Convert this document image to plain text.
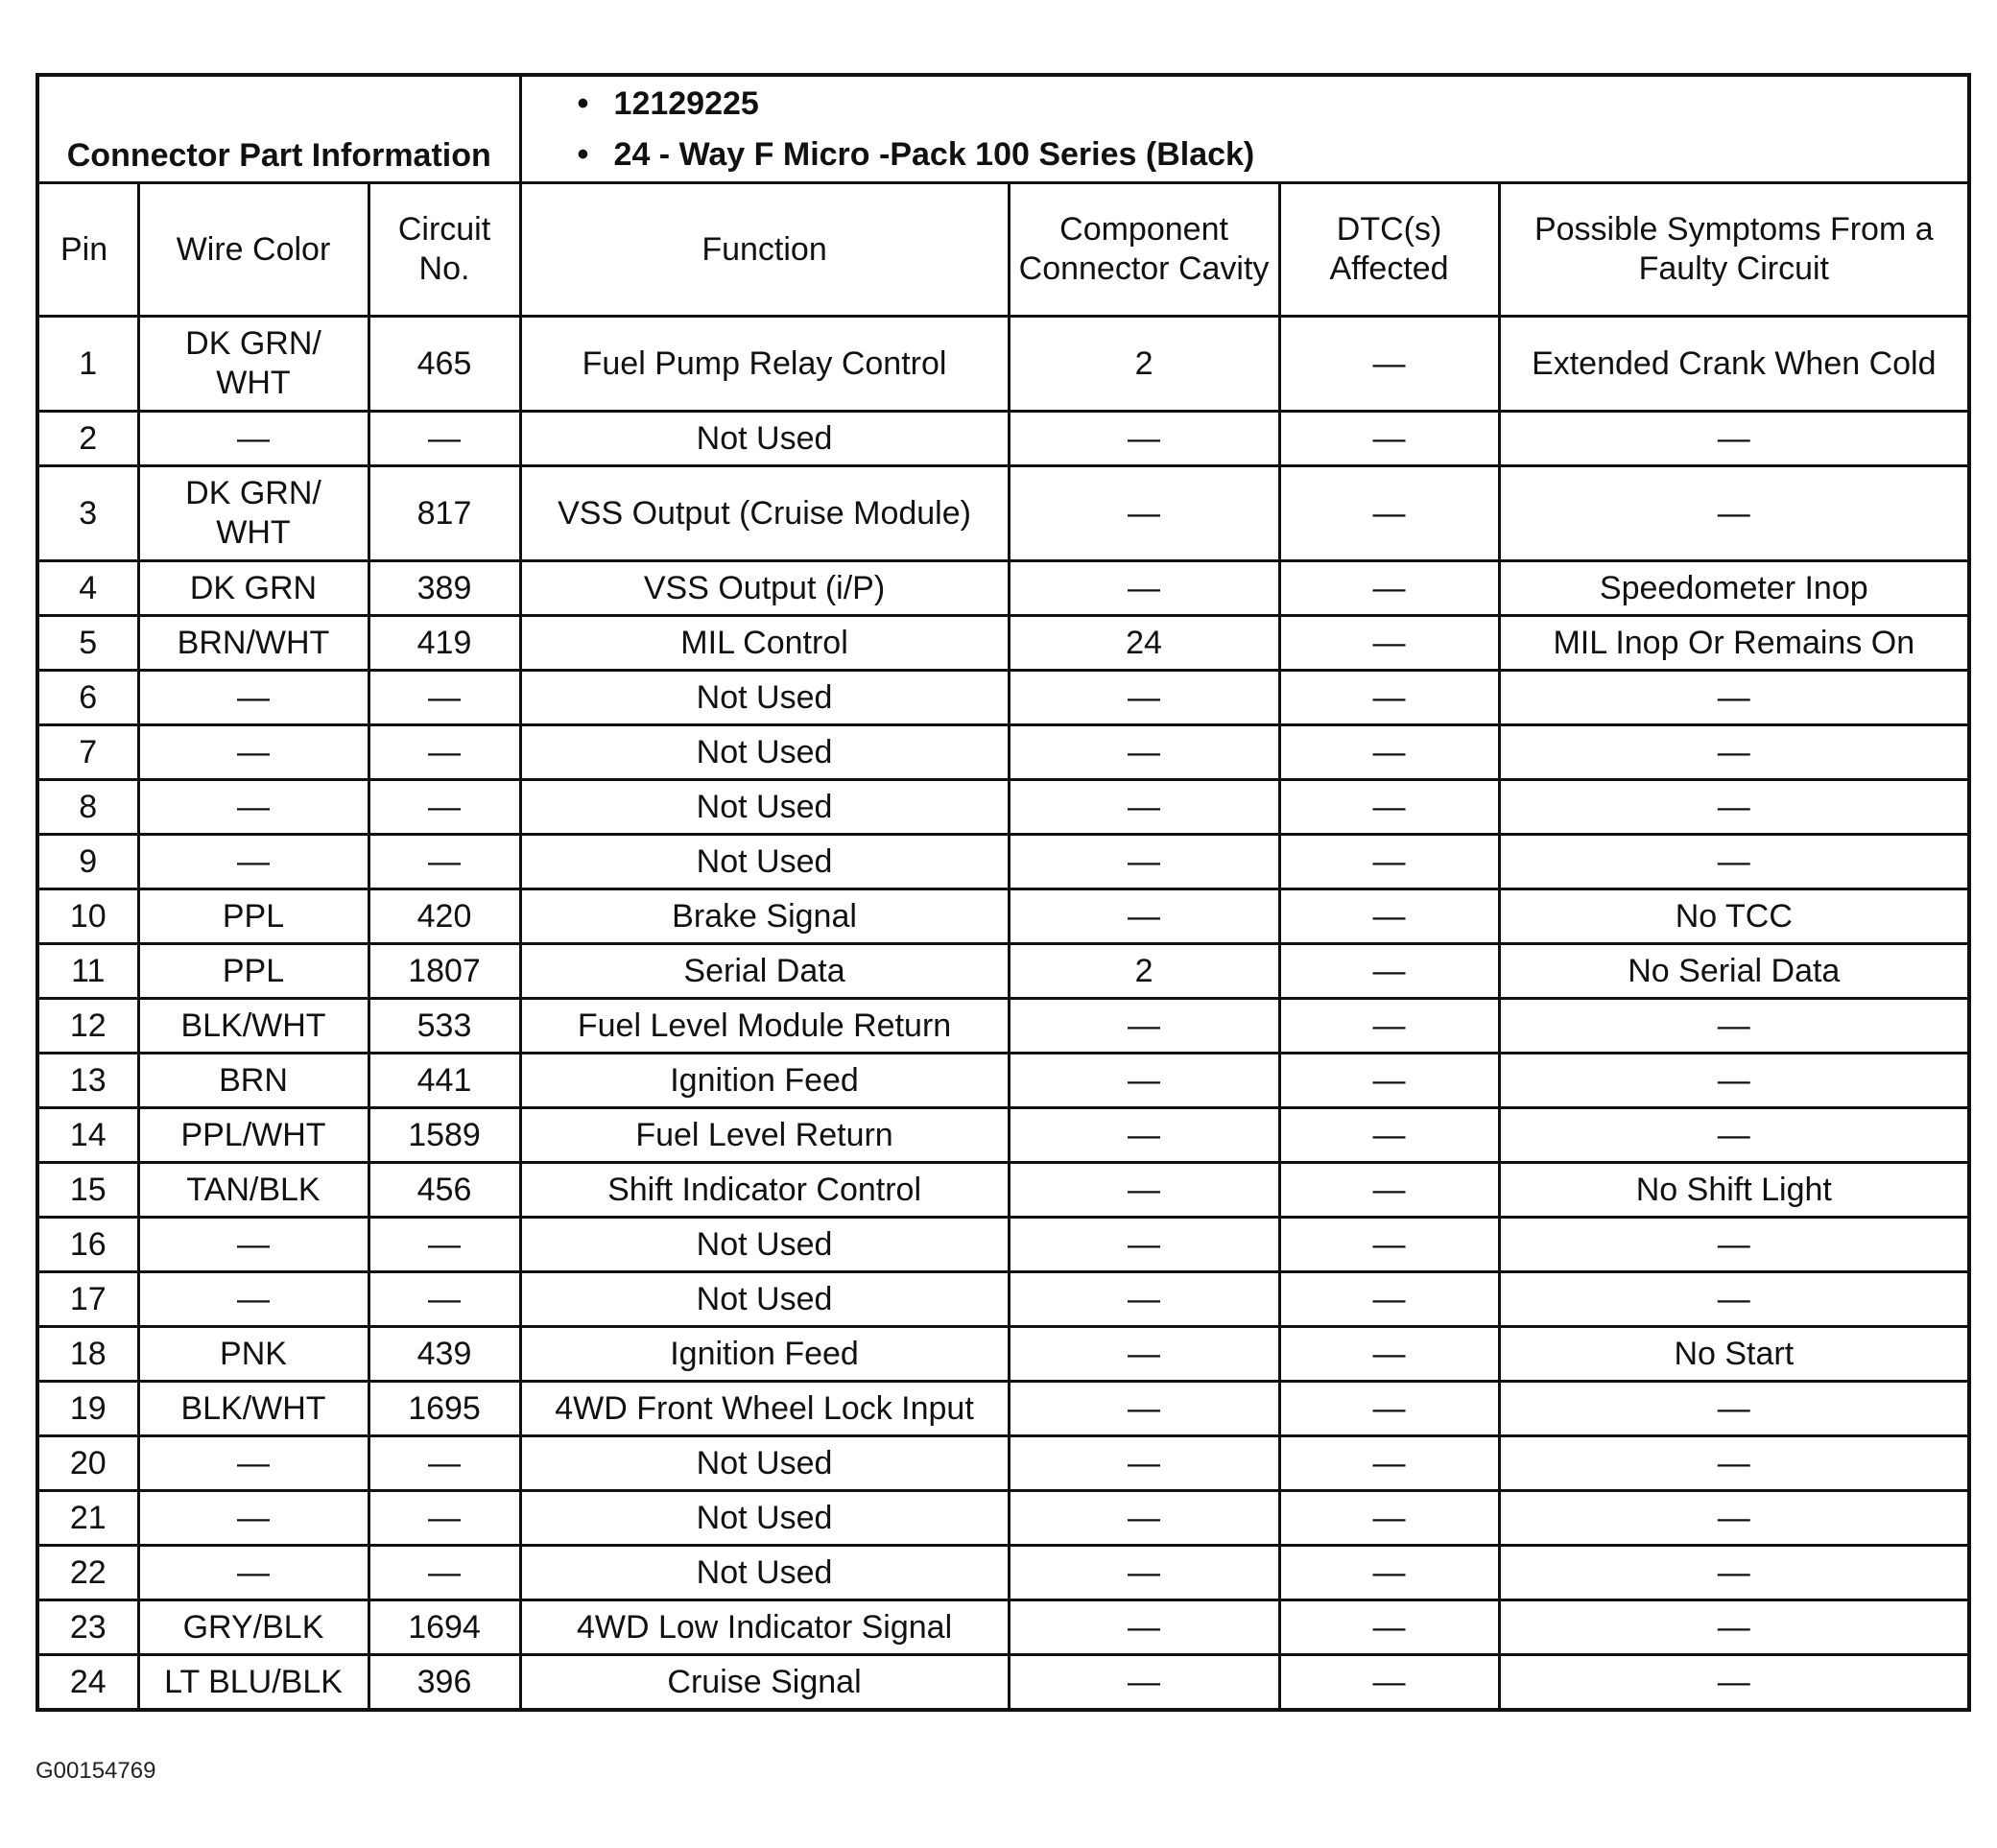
Connector Part Information			• 12129225
• 24 - Way F Micro -Pack 100 Series (Black)			

Pin	Wire Color	Circuit No.	Function	Component Connector Cavity	DTC(s) Affected	Possible Symptoms From a Faulty Circuit
1	DK GRN/ WHT	465	Fuel Pump Relay Control	2	—	Extended Crank When Cold
2	—	—	Not Used	—	—	—
3	DK GRN/ WHT	817	VSS Output (Cruise Module)	—	—	—
4	DK GRN	389	VSS Output (i/P)	—	—	Speedometer Inop
5	BRN/WHT	419	MIL Control	24	—	MIL Inop Or Remains On
6	—	—	Not Used	—	—	—
7	—	—	Not Used	—	—	—
8	—	—	Not Used	—	—	—
9	—	—	Not Used	—	—	—
10	PPL	420	Brake Signal	—	—	No TCC
11	PPL	1807	Serial Data	2	—	No Serial Data
12	BLK/WHT	533	Fuel Level Module Return	—	—	—
13	BRN	441	Ignition Feed	—	—	—
14	PPL/WHT	1589	Fuel Level Return	—	—	—
15	TAN/BLK	456	Shift Indicator Control	—	—	No Shift Light
16	—	—	Not Used	—	—	—
17	—	—	Not Used	—	—	—
18	PNK	439	Ignition Feed	—	—	No Start
19	BLK/WHT	1695	4WD Front Wheel Lock Input	—	—	—
20	—	—	Not Used	—	—	—
21	—	—	Not Used	—	—	—
22	—	—	Not Used	—	—	—
23	GRY/BLK	1694	4WD Low Indicator Signal	—	—	—
24	LT BLU/BLK	396	Cruise Signal	—	—	—
G00154769
